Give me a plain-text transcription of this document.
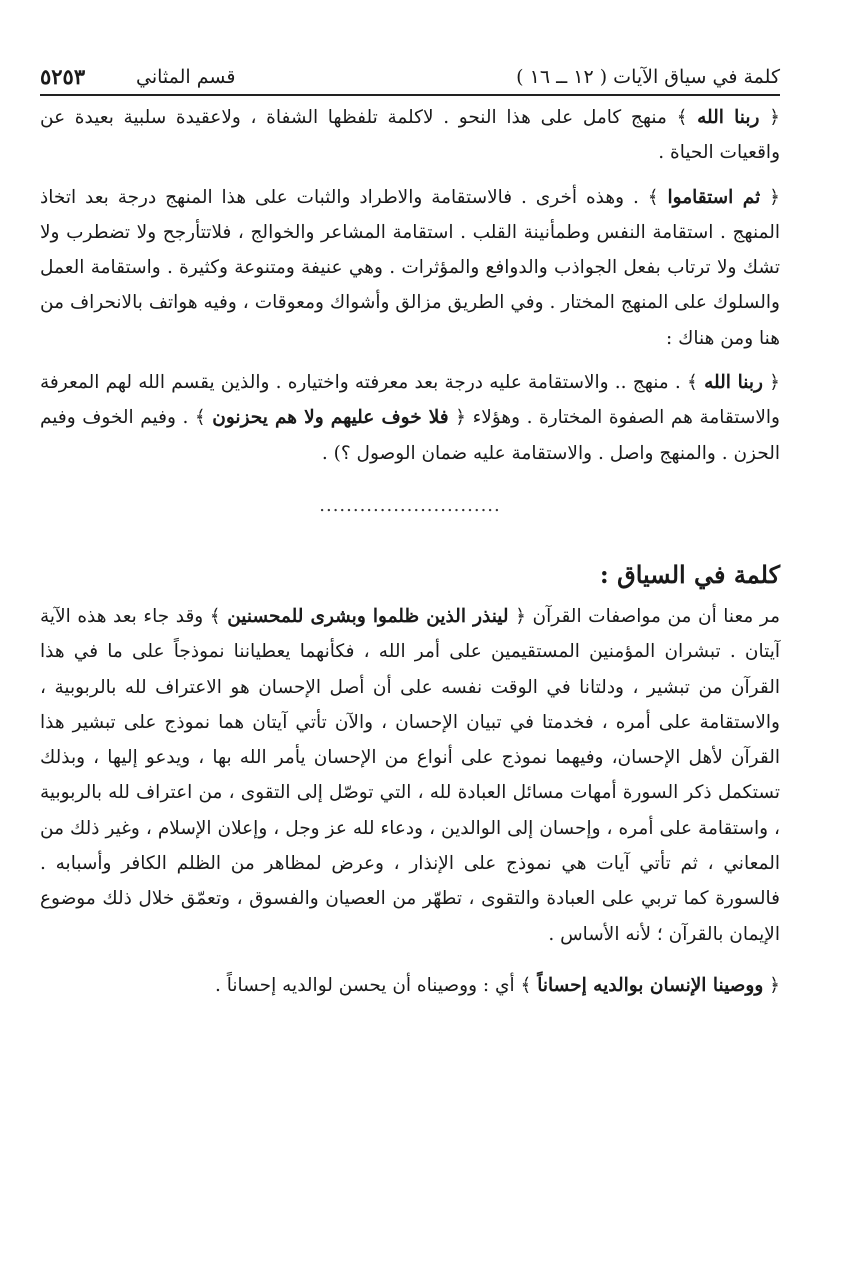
كلمة في سياق الآيات ( ١٢ ــ ١٦ )
قسم المثاني
٥٢٥٣

﴿ ربنا الله ﴾ منهج كامل على هذا النحو . لاكلمة تلفظها الشفاة ، ولاعقيدة سلبية بعيدة عن واقعيات الحياة .

﴿ ثم استقاموا ﴾ . وهذه أخرى . فالاستقامة والاطراد والثبات على هذا المنهج درجة بعد اتخاذ المنهج . استقامة النفس وطمأنينة القلب . استقامة المشاعر والخوالج ، فلاتتأرجح ولا تضطرب ولا تشك ولا ترتاب بفعل الجواذب والدوافع والمؤثرات . وهي عنيفة ومتنوعة وكثيرة . واستقامة العمل والسلوك على المنهج المختار . وفي الطريق مزالق وأشواك ومعوقات ، وفيه هواتف بالانحراف من هنا ومن هناك :

﴿ ربنا الله ﴾ . منهج .. والاستقامة عليه درجة بعد معرفته واختياره . والذين يقسم الله لهم المعرفة والاستقامة هم الصفوة المختارة . وهؤلاء ﴿ فلا خوف عليهم ولا هم يحزنون ﴾ . وفيم الخوف وفيم الحزن . والمنهج واصل . والاستقامة عليه ضمان الوصول ؟) .

...........................
كلمة في السياق :

مر معنا أن من مواصفات القرآن ﴿ لينذر الذين ظلموا وبشرى للمحسنين ﴾ وقد جاء بعد هذه الآية آيتان . تبشران المؤمنين المستقيمين على أمر الله ، فكأنهما يعطياننا نموذجاً على ما في هذا القرآن من تبشير ، ودلتانا في الوقت نفسه على أن أصل الإحسان هو الاعتراف لله بالربوبية ، والاستقامة على أمره ، فخدمتا في تبيان الإحسان ، والآن تأتي آيتان هما نموذج على تبشير هذا القرآن لأهل الإحسان، وفيهما نموذج على أنواع من الإحسان يأمر الله بها ، ويدعو إليها ، وبذلك تستكمل ذكر السورة أمهات مسائل العبادة لله ، التي توصّل إلى التقوى ، من اعتراف لله بالربوبية ، واستقامة على أمره ، وإحسان إلى الوالدين ، ودعاء لله عز وجل ، وإعلان الإسلام ، وغير ذلك من المعاني ، ثم تأتي آيات هي نموذج على الإنذار ، وعرض لمظاهر من الظلم الكافر وأسبابه . فالسورة كما تربي على العبادة والتقوى ، تطهّر من العصيان والفسوق ، وتعمّق خلال ذلك موضوع الإيمان بالقرآن ؛ لأنه الأساس .

﴿ ووصينا الإنسان بوالديه إحساناً ﴾ أي : ووصيناه أن يحسن لوالديه إحساناً .
